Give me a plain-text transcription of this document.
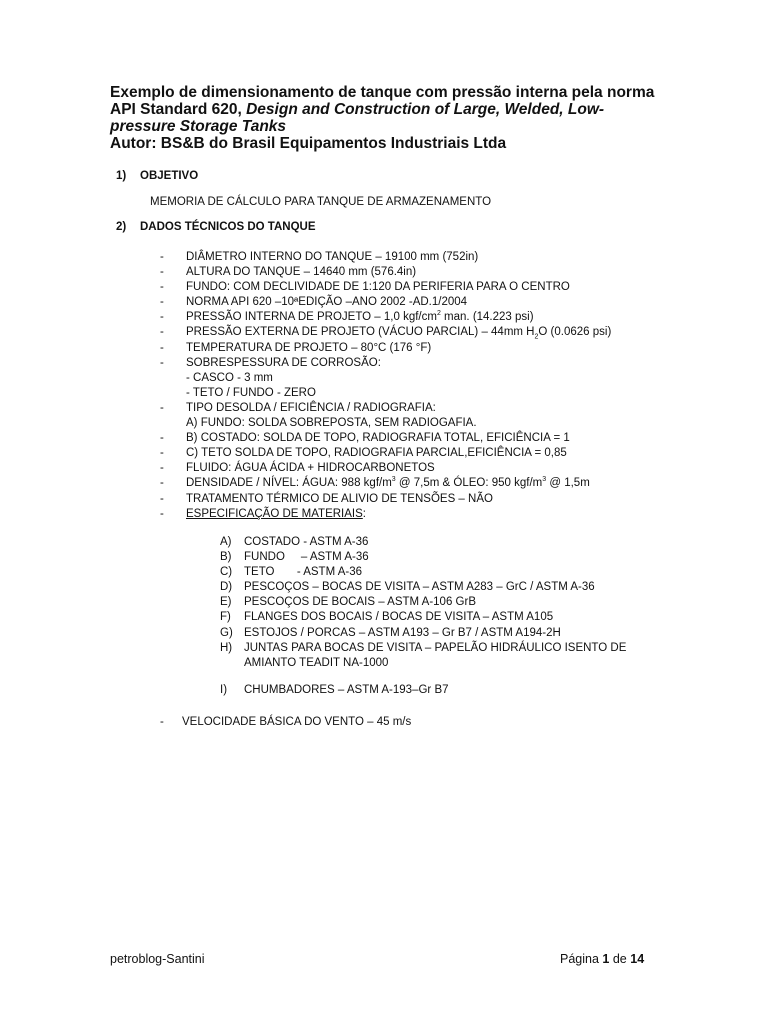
Exemplo de dimensionamento de tanque com pressão interna pela norma
API Standard 620, Design and Construction of Large, Welded, Low-
pressure Storage Tanks
Autor: BS&B do Brasil Equipamentos Industriais Ltda
1) OBJETIVO
MEMORIA DE CÁLCULO PARA TANQUE DE ARMAZENAMENTO
2) DADOS TÉCNICOS DO TANQUE
- DIÂMETRO INTERNO DO TANQUE – 19100 mm (752in)
- ALTURA DO TANQUE – 14640 mm (576.4in)
- FUNDO: COM DECLIVIDADE DE 1:120 DA PERIFERIA PARA O CENTRO
- NORMA API 620 –10ªEDIÇÃO –ANO 2002 -AD.1/2004
- PRESSÃO INTERNA DE PROJETO – 1,0 kgf/$cm^2$ man. (14.223 psi)
- PRESSÃO EXTERNA DE PROJETO (VÁCUO PARCIAL) – 44mm $H_2O$ (0.0626 psi)
- TEMPERATURA DE PROJETO – 80°C (176 °F)
- SOBRESPESSURA DE CORROSÃO:
- CASCO - 3 mm
- TETO / FUNDO - ZERO
- TIPO DESOLDA / EFICIÊNCIA / RADIOGRAFIA:
A) FUNDO: SOLDA SOBREPOSTA, SEM RADIOGAFIA.
- B) COSTADO: SOLDA DE TOPO, RADIOGRAFIA TOTAL, EFICIÊNCIA = 1
- C) TETO SOLDA DE TOPO, RADIOGRAFIA PARCIAL,EFICIÊNCIA = 0,85
- FLUIDO: ÁGUA ÁCIDA + HIDROCARBONETOS
- DENSIDADE / NÍVEL: ÁGUA: 988 kgf/$m^3$ @ 7,5m & ÓLEO: 950 kgf/$m^3$ @ 1,5m
- TRATAMENTO TÉRMICO DE ALIVIO DE TENSÕES – NÃO
- ESPECIFICAÇÃO DE MATERIAIS:
A) COSTADO - ASTM A-36
B) FUNDO     – ASTM A-36
C) TETO       - ASTM A-36
D) PESCOÇOS – BOCAS DE VISITA – ASTM A283 – GrC / ASTM A-36
E) PESCOÇOS DE BOCAIS – ASTM A-106 GrB
F) FLANGES DOS BOCAIS / BOCAS DE VISITA – ASTM A105
G) ESTOJOS / PORCAS – ASTM A193 – Gr B7 / ASTM A194-2H
H) JUNTAS PARA BOCAS DE VISITA – PAPELÃO HIDRÁULICO ISENTO DE AMIANTO TEADIT NA-1000
I) CHUMBADORES – ASTM A-193–Gr B7
- VELOCIDADE BÁSICA DO VENTO – 45 m/s
petroblog-Santini	Página 1 de 14
